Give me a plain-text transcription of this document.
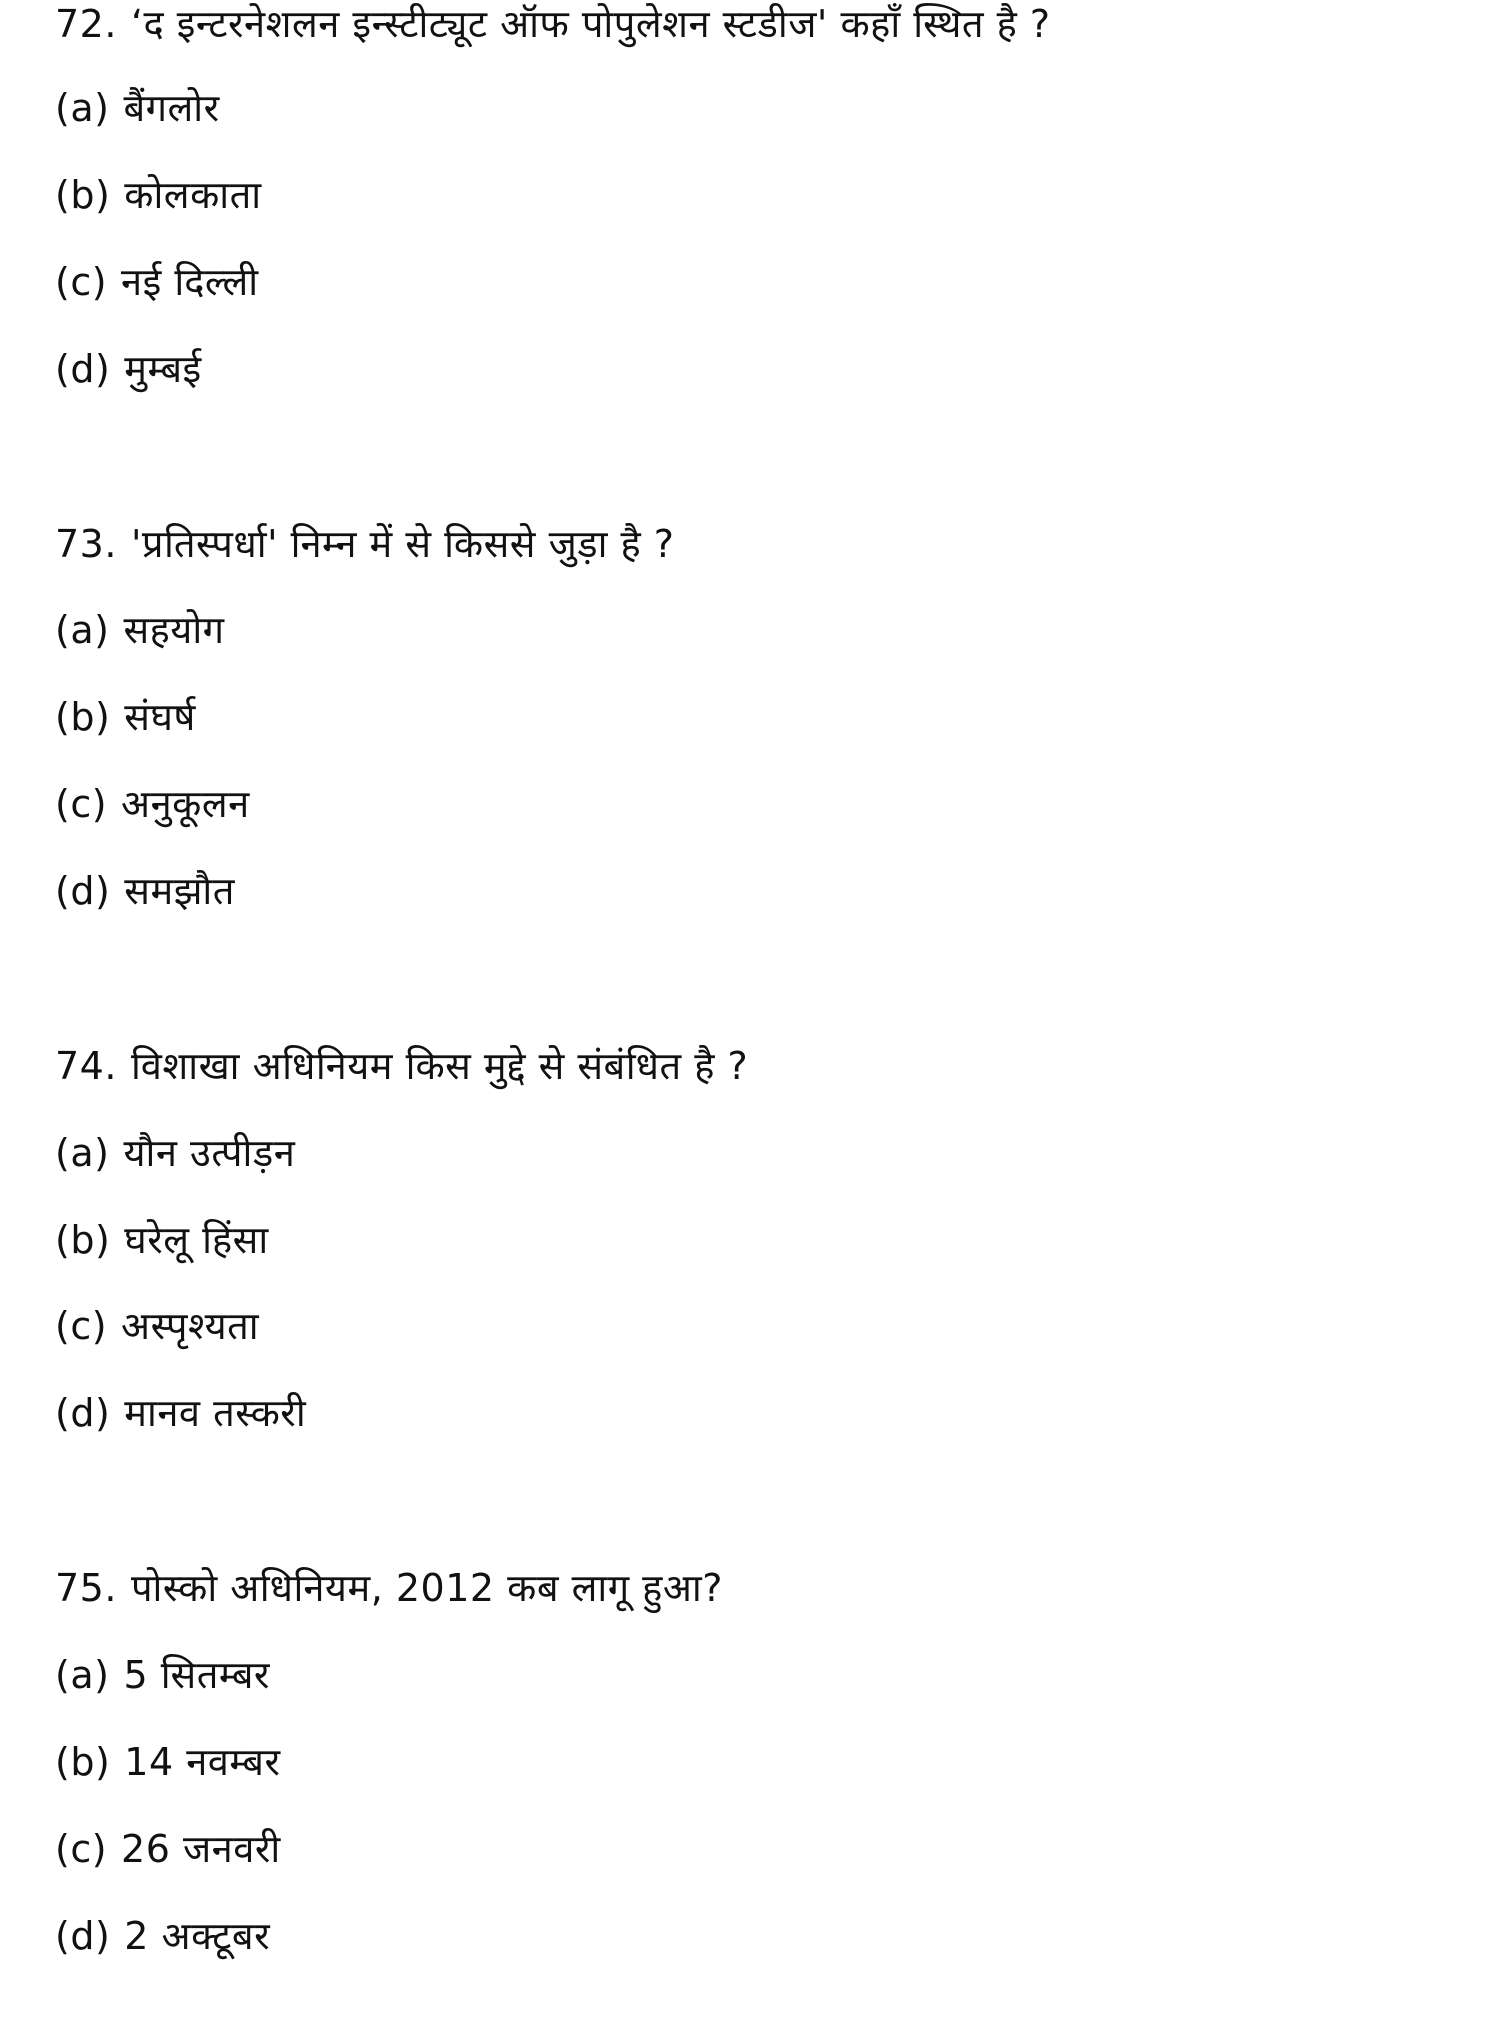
72. ‘द इन्टरनेशलन इन्स्टीट्यूट ऑफ पोपुलेशन स्टडीज' कहाँ स्थित है ?
(a) बैंगलोर
(b) कोलकाता
(c) नई दिल्ली
(d) मुम्बई
73. 'प्रतिस्पर्धा' निम्न में से किससे जुड़ा है ?
(a) सहयोग
(b) संघर्ष
(c) अनुकूलन
(d) समझौत
74. विशाखा अधिनियम किस मुद्दे से संबंधित है ?
(a) यौन उत्पीड़न
(b) घरेलू हिंसा
(c) अस्पृश्यता
(d) मानव तस्करी
75. पोस्को अधिनियम, 2012 कब लागू हुआ?
(a) 5 सितम्बर
(b) 14 नवम्बर
(c) 26 जनवरी
(d) 2 अक्टूबर
